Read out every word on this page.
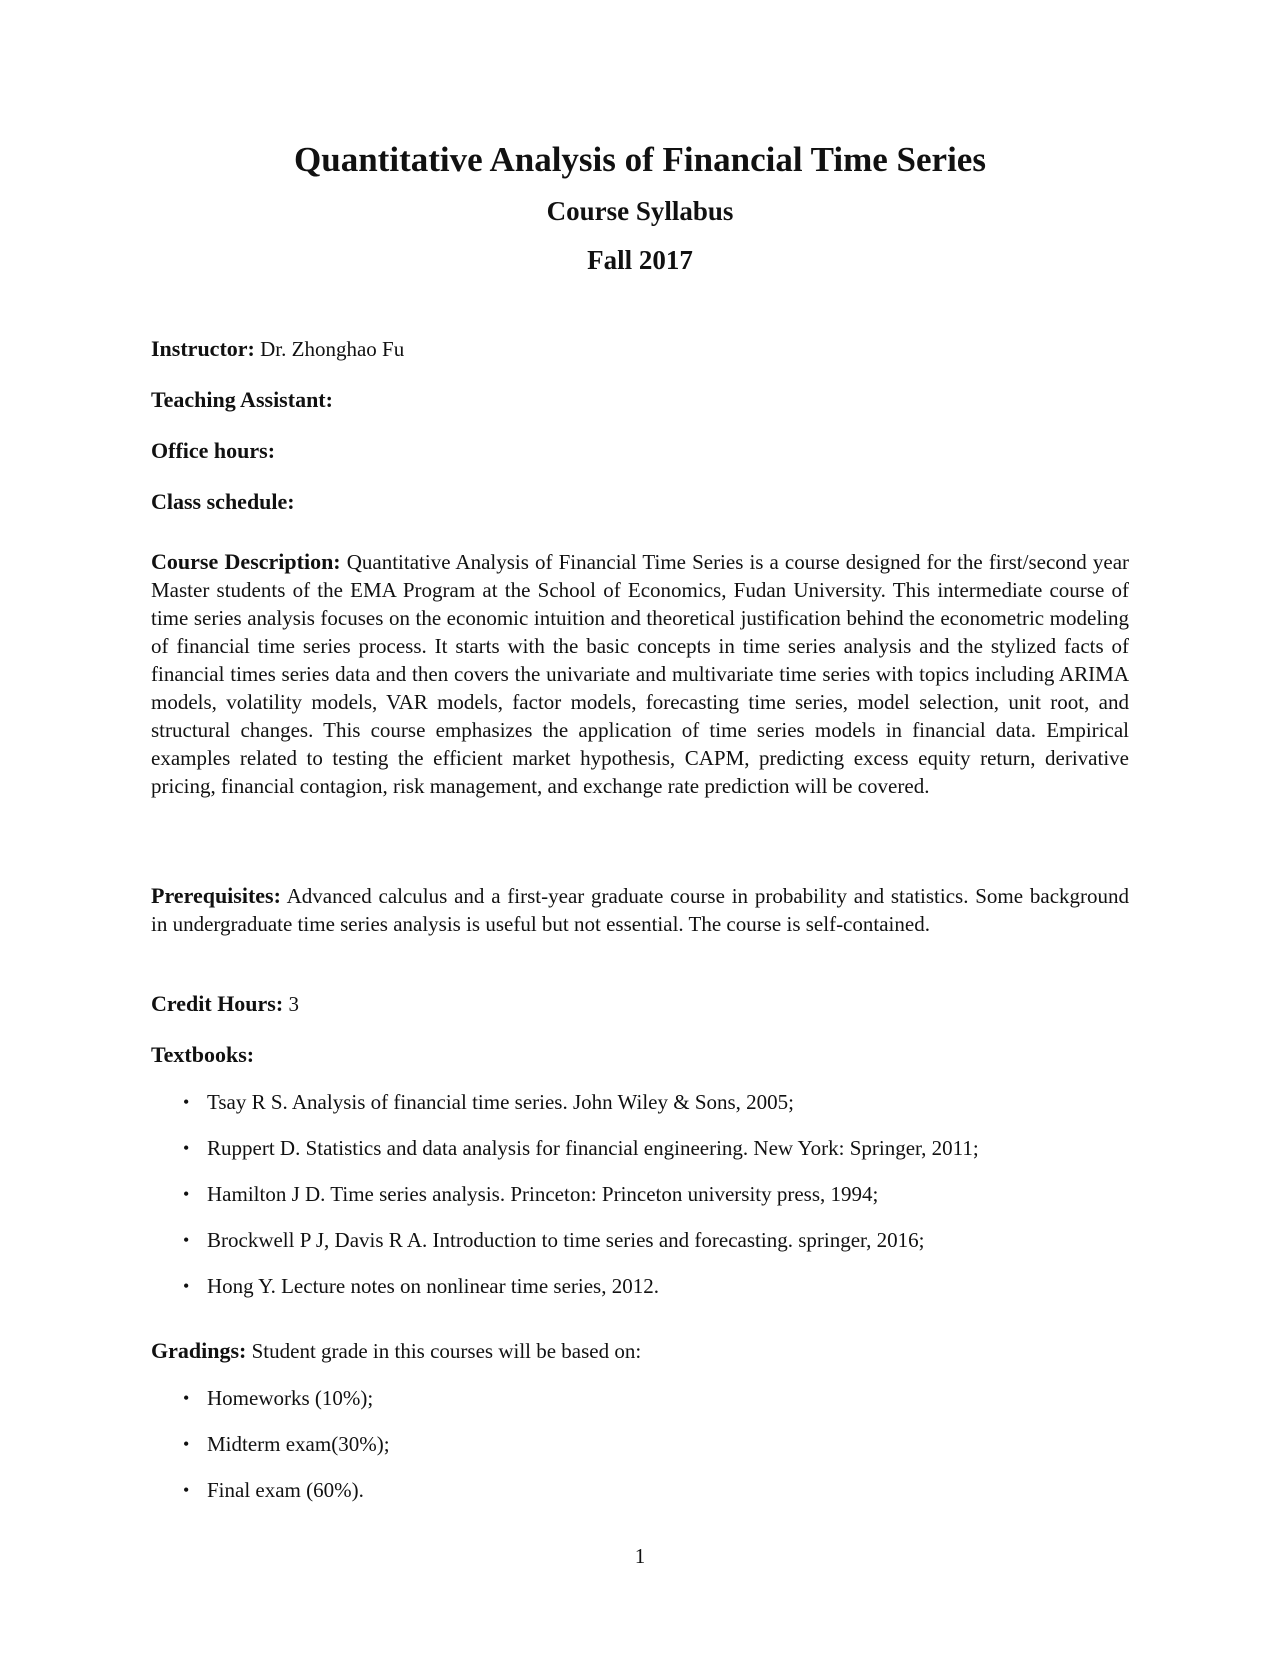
Quantitative Analysis of Financial Time Series
Course Syllabus
Fall 2017
Instructor: Dr. Zhonghao Fu
Teaching Assistant:
Office hours:
Class schedule:
Course Description: Quantitative Analysis of Financial Time Series is a course designed for the first/second year Master students of the EMA Program at the School of Economics, Fudan University. This intermediate course of time series analysis focuses on the economic intuition and theoretical justification behind the econometric modeling of financial time series process. It starts with the basic concepts in time series analysis and the stylized facts of financial times series data and then covers the univariate and multivariate time series with topics including ARIMA models, volatility models, VAR models, factor models, forecasting time series, model selection, unit root, and structural changes. This course emphasizes the application of time series models in financial data. Empirical examples related to testing the efficient market hypothesis, CAPM, predicting excess equity return, derivative pricing, financial contagion, risk management, and exchange rate prediction will be covered.
Prerequisites: Advanced calculus and a first-year graduate course in probability and statistics. Some background in undergraduate time series analysis is useful but not essential. The course is self-contained.
Credit Hours: 3
Textbooks:
• Tsay R S. Analysis of financial time series. John Wiley & Sons, 2005;
• Ruppert D. Statistics and data analysis for financial engineering. New York: Springer, 2011;
• Hamilton J D. Time series analysis. Princeton: Princeton university press, 1994;
• Brockwell P J, Davis R A. Introduction to time series and forecasting. springer, 2016;
• Hong Y. Lecture notes on nonlinear time series, 2012.
Gradings: Student grade in this courses will be based on:
• Homeworks (10%);
• Midterm exam(30%);
• Final exam (60%).
1
